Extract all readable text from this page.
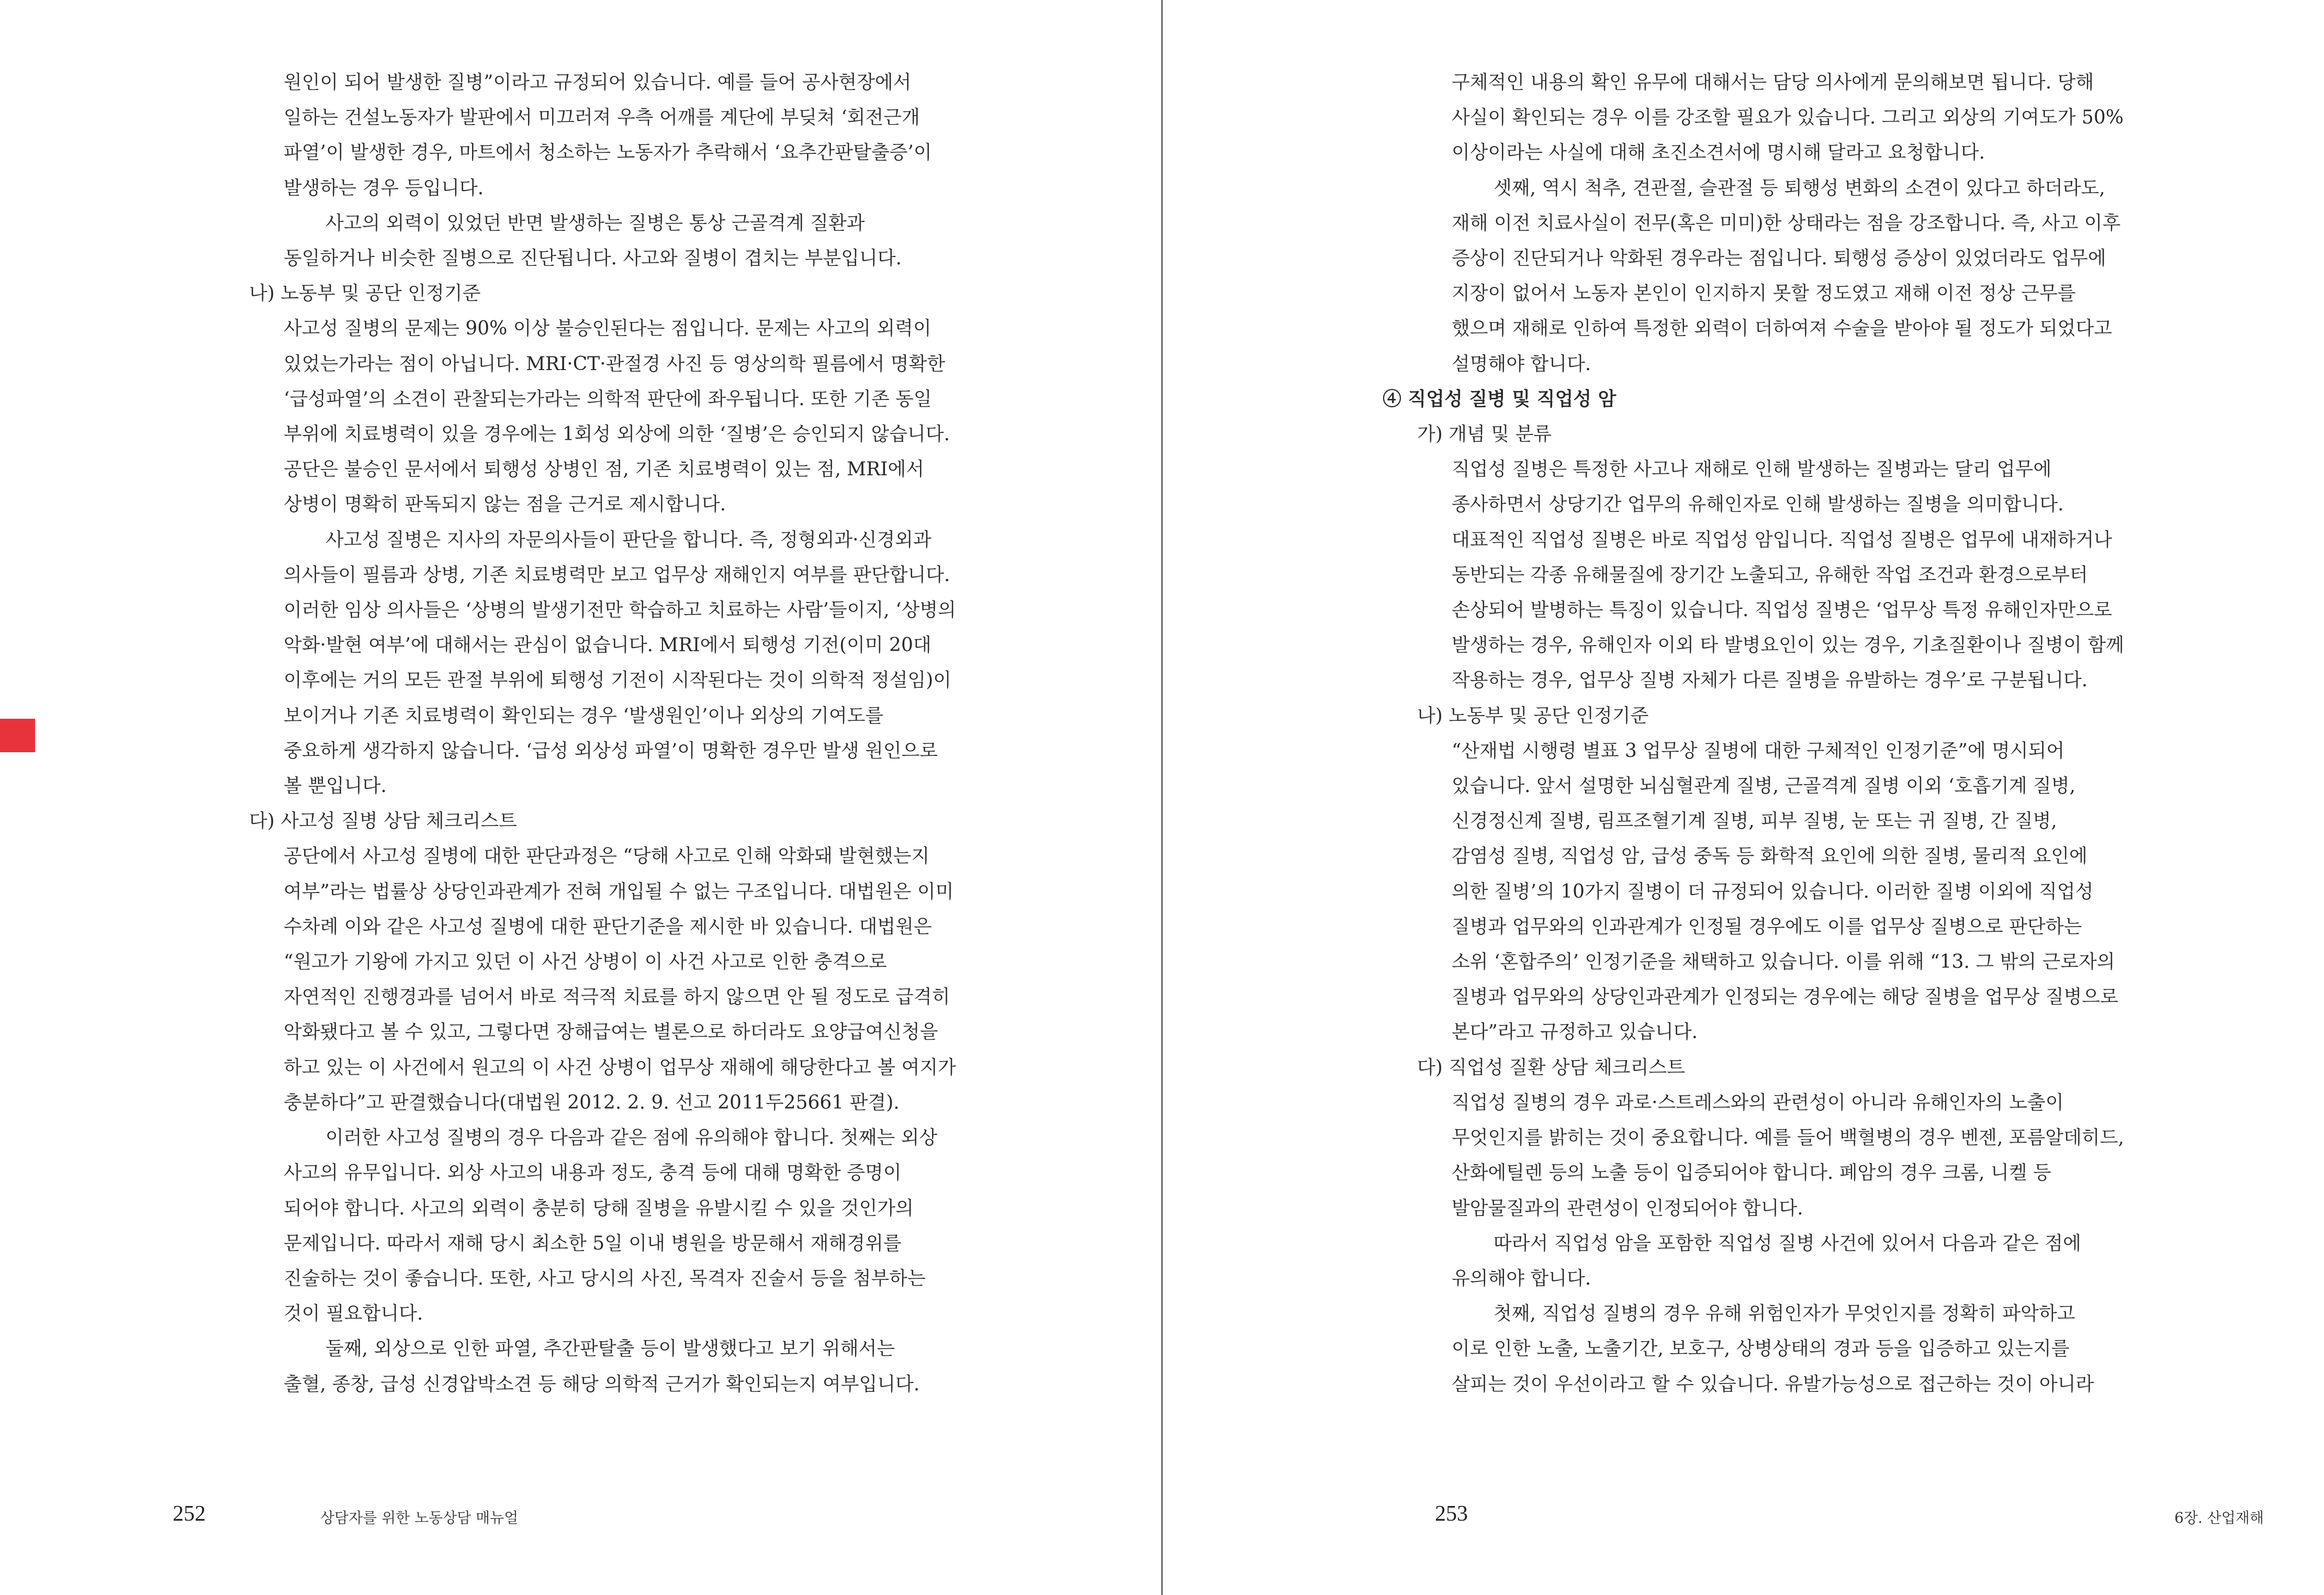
원인이 되어 발생한 질병”이라고 규정되어 있습니다. 예를 들어 공사현장에서

일하는 건설노동자가 발판에서 미끄러져 우측 어깨를 계단에 부딪쳐 ‘회전근개

파열’이 발생한 경우, 마트에서 청소하는 노동자가 추락해서 ‘요추간판탈출증’이

발생하는 경우 등입니다.

사고의 외력이 있었던 반면 발생하는 질병은 통상 근골격계 질환과

동일하거나 비슷한 질병으로 진단됩니다. 사고와 질병이 겹치는 부분입니다.

나) 노동부 및 공단 인정기준

사고성 질병의 문제는 90% 이상 불승인된다는 점입니다. 문제는 사고의 외력이

있었는가라는 점이 아닙니다. MRI·CT·관절경 사진 등 영상의학 필름에서 명확한

‘급성파열’의 소견이 관찰되는가라는 의학적 판단에 좌우됩니다. 또한 기존 동일

부위에 치료병력이 있을 경우에는 1회성 외상에 의한 ‘질병’은 승인되지 않습니다.

공단은 불승인 문서에서 퇴행성 상병인 점, 기존 치료병력이 있는 점, MRI에서

상병이 명확히 판독되지 않는 점을 근거로 제시합니다.

사고성 질병은 지사의 자문의사들이 판단을 합니다. 즉, 정형외과·신경외과

의사들이 필름과 상병, 기존 치료병력만 보고 업무상 재해인지 여부를 판단합니다.

이러한 임상 의사들은 ‘상병의 발생기전만 학습하고 치료하는 사람’들이지, ‘상병의

악화·발현 여부’에 대해서는 관심이 없습니다. MRI에서 퇴행성 기전(이미 20대

이후에는 거의 모든 관절 부위에 퇴행성 기전이 시작된다는 것이 의학적 정설임)이

보이거나 기존 치료병력이 확인되는 경우 ‘발생원인’이나 외상의 기여도를

중요하게 생각하지 않습니다. ‘급성 외상성 파열’이 명확한 경우만 발생 원인으로

볼 뿐입니다.

다) 사고성 질병 상담 체크리스트

공단에서 사고성 질병에 대한 판단과정은 “당해 사고로 인해 악화돼 발현했는지

여부”라는 법률상 상당인과관계가 전혀 개입될 수 없는 구조입니다. 대법원은 이미

수차례 이와 같은 사고성 질병에 대한 판단기준을 제시한 바 있습니다. 대법원은

“원고가 기왕에 가지고 있던 이 사건 상병이 이 사건 사고로 인한 충격으로

자연적인 진행경과를 넘어서 바로 적극적 치료를 하지 않으면 안 될 정도로 급격히

악화됐다고 볼 수 있고, 그렇다면 장해급여는 별론으로 하더라도 요양급여신청을

하고 있는 이 사건에서 원고의 이 사건 상병이 업무상 재해에 해당한다고 볼 여지가

충분하다”고 판결했습니다(대법원 2012. 2. 9. 선고 2011두25661 판결).

이러한 사고성 질병의 경우 다음과 같은 점에 유의해야 합니다. 첫째는 외상

사고의 유무입니다. 외상 사고의 내용과 정도, 충격 등에 대해 명확한 증명이

되어야 합니다. 사고의 외력이 충분히 당해 질병을 유발시킬 수 있을 것인가의

문제입니다. 따라서 재해 당시 최소한 5일 이내 병원을 방문해서 재해경위를

진술하는 것이 좋습니다. 또한, 사고 당시의 사진, 목격자 진술서 등을 첨부하는

것이 필요합니다.

둘째, 외상으로 인한 파열, 추간판탈출 등이 발생했다고 보기 위해서는

출혈, 종창, 급성 신경압박소견 등 해당 의학적 근거가 확인되는지 여부입니다.

252	상담자를 위한 노동상담 매뉴얼

구체적인 내용의 확인 유무에 대해서는 담당 의사에게 문의해보면 됩니다. 당해

사실이 확인되는 경우 이를 강조할 필요가 있습니다. 그리고 외상의 기여도가 50%

이상이라는 사실에 대해 초진소견서에 명시해 달라고 요청합니다.

셋째, 역시 척추, 견관절, 슬관절 등 퇴행성 변화의 소견이 있다고 하더라도,

재해 이전 치료사실이 전무(혹은 미미)한 상태라는 점을 강조합니다. 즉, 사고 이후

증상이 진단되거나 악화된 경우라는 점입니다. 퇴행성 증상이 있었더라도 업무에

지장이 없어서 노동자 본인이 인지하지 못할 정도였고 재해 이전 정상 근무를

했으며 재해로 인하여 특정한 외력이 더하여져 수술을 받아야 될 정도가 되었다고

설명해야 합니다.

④ 직업성 질병 및 직업성 암

가) 개념 및 분류

직업성 질병은 특정한 사고나 재해로 인해 발생하는 질병과는 달리 업무에

종사하면서 상당기간 업무의 유해인자로 인해 발생하는 질병을 의미합니다.

대표적인 직업성 질병은 바로 직업성 암입니다. 직업성 질병은 업무에 내재하거나

동반되는 각종 유해물질에 장기간 노출되고, 유해한 작업 조건과 환경으로부터

손상되어 발병하는 특징이 있습니다. 직업성 질병은 ‘업무상 특정 유해인자만으로

발생하는 경우, 유해인자 이외 타 발병요인이 있는 경우, 기초질환이나 질병이 함께

작용하는 경우, 업무상 질병 자체가 다른 질병을 유발하는 경우’로 구분됩니다.

나) 노동부 및 공단 인정기준

“산재법 시행령 별표 3 업무상 질병에 대한 구체적인 인정기준”에 명시되어

있습니다. 앞서 설명한 뇌심혈관계 질병, 근골격계 질병 이외 ‘호흡기계 질병,

신경정신계 질병, 림프조혈기계 질병, 피부 질병, 눈 또는 귀 질병, 간 질병,

감염성 질병, 직업성 암, 급성 중독 등 화학적 요인에 의한 질병, 물리적 요인에

의한 질병’의 10가지 질병이 더 규정되어 있습니다. 이러한 질병 이외에 직업성

질병과 업무와의 인과관계가 인정될 경우에도 이를 업무상 질병으로 판단하는

소위 ‘혼합주의’ 인정기준을 채택하고 있습니다. 이를 위해 “13. 그 밖의 근로자의

질병과 업무와의 상당인과관계가 인정되는 경우에는 해당 질병을 업무상 질병으로

본다”라고 규정하고 있습니다.

다) 직업성 질환 상담 체크리스트

직업성 질병의 경우 과로·스트레스와의 관련성이 아니라 유해인자의 노출이

무엇인지를 밝히는 것이 중요합니다. 예를 들어 백혈병의 경우 벤젠, 포름알데히드,

산화에틸렌 등의 노출 등이 입증되어야 합니다. 폐암의 경우 크롬, 니켈 등

발암물질과의 관련성이 인정되어야 합니다.

따라서 직업성 암을 포함한 직업성 질병 사건에 있어서 다음과 같은 점에

유의해야 합니다.

첫째, 직업성 질병의 경우 유해 위험인자가 무엇인지를 정확히 파악하고

이로 인한 노출, 노출기간, 보호구, 상병상태의 경과 등을 입증하고 있는지를

살피는 것이 우선이라고 할 수 있습니다. 유발가능성으로 접근하는 것이 아니라

253	6장. 산업재해
